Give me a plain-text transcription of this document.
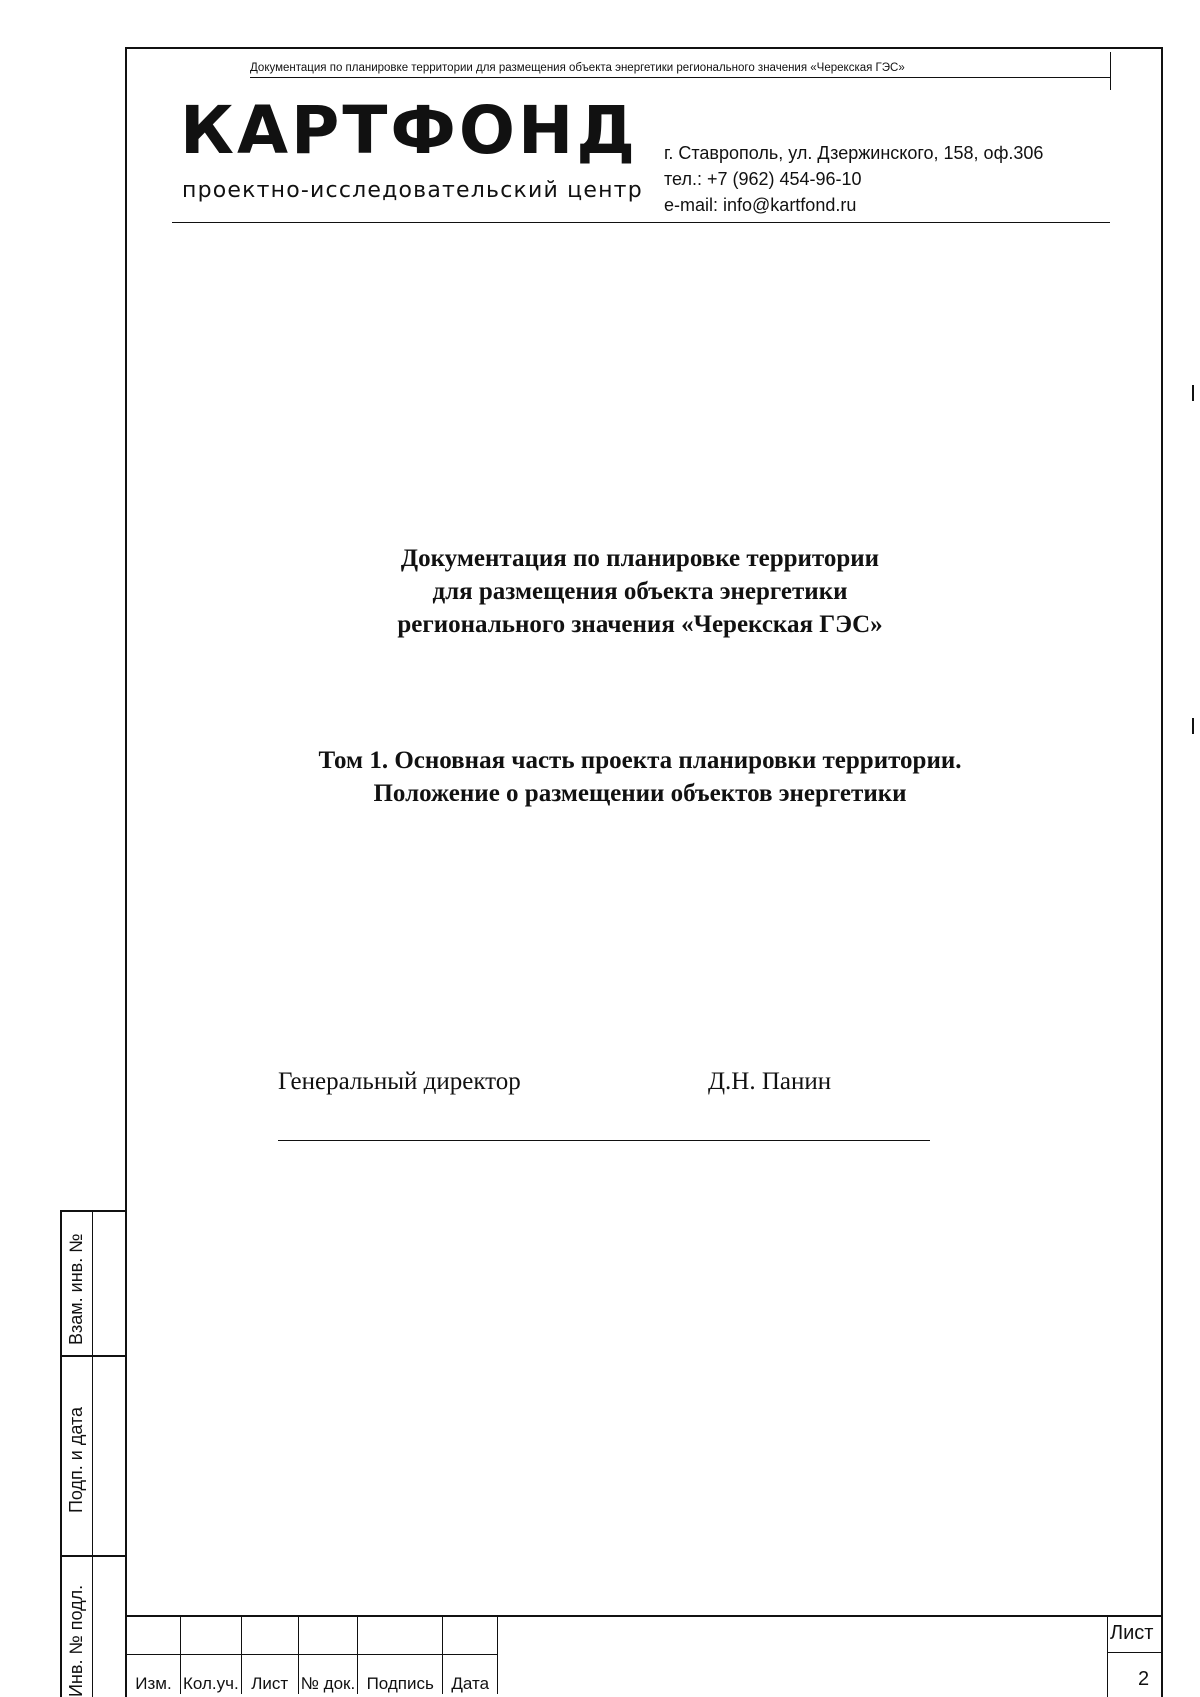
Документация по планировке территории для размещения объекта энергетики регионального значения «Черекская ГЭС»
КАРТФОНД
проектно-исследовательский центр
г. Ставрополь, ул. Дзержинского, 158, оф.306
тел.: +7 (962) 454-96-10
e-mail: info@kartfond.ru
Документация по планировке территории
для размещения объекта энергетики
регионального значения «Черекская ГЭС»
Том 1. Основная часть проекта планировки территории.
Положение о размещении объектов энергетики
Генеральный директор	Д.Н. Панин
Взам. инв. №
Подп. и дата
Инв. № подл.
						Изм.	Кол.уч.	Лист	№ док.	Подпись	Дата
Лист
2
